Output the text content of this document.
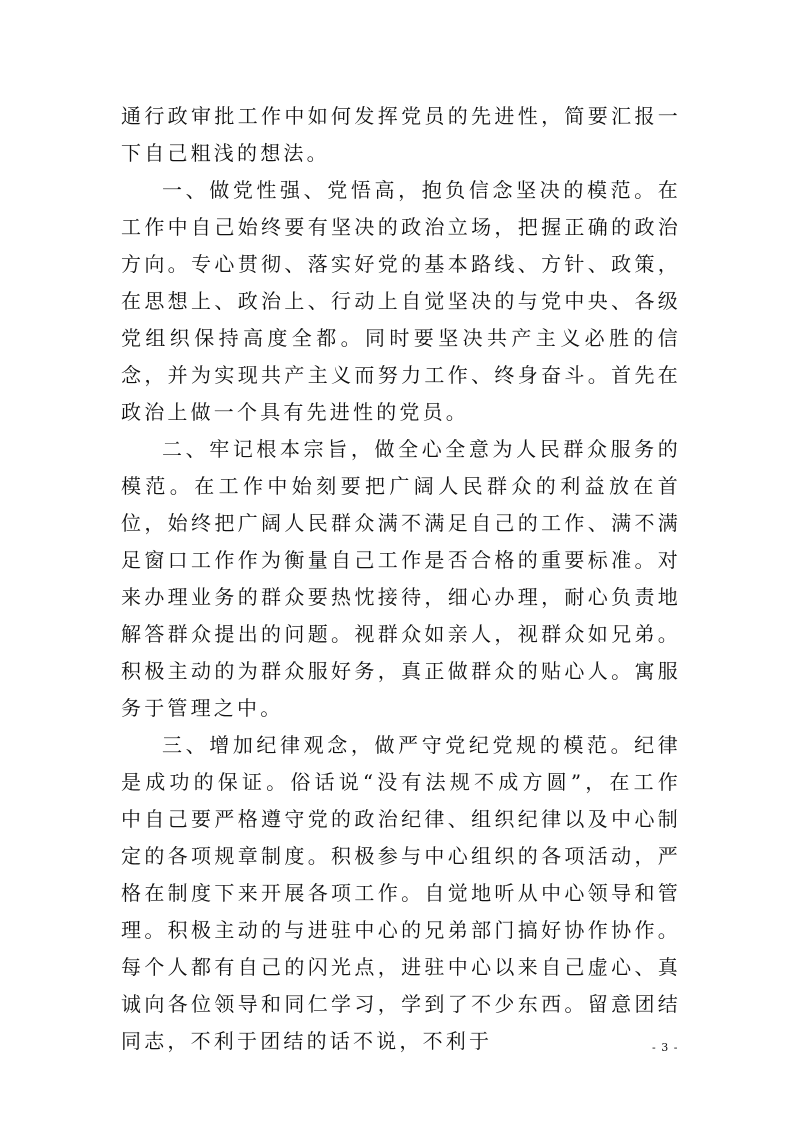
通行政审批工作中如何发挥党员的先进性，简要汇报一下自己粗浅的想法。

一、做党性强、党悟高，抱负信念坚决的模范。在工作中自己始终要有坚决的政治立场，把握正确的政治方向。专心贯彻、落实好党的基本路线、方针、政策，在思想上、政治上、行动上自觉坚决的与党中央、各级党组织保持高度全都。同时要坚决共产主义必胜的信念，并为实现共产主义而努力工作、终身奋斗。首先在政治上做一个具有先进性的党员。

二、牢记根本宗旨，做全心全意为人民群众服务的模范。在工作中始刻要把广阔人民群众的利益放在首位，始终把广阔人民群众满不满足自己的工作、满不满足窗口工作作为衡量自己工作是否合格的重要标准。对来办理业务的群众要热忱接待，细心办理，耐心负责地解答群众提出的问题。视群众如亲人，视群众如兄弟。积极主动的为群众服好务，真正做群众的贴心人。寓服务于管理之中。

三、增加纪律观念，做严守党纪党规的模范。纪律是成功的保证。俗话说“没有法规不成方圆”，在工作中自己要严格遵守党的政治纪律、组织纪律以及中心制定的各项规章制度。积极参与中心组织的各项活动，严格在制度下来开展各项工作。自觉地听从中心领导和管理。积极主动的与进驻中心的兄弟部门搞好协作协作。每个人都有自己的闪光点，进驻中心以来自己虚心、真诚向各位领导和同仁学习，学到了不少东西。留意团结同志，不利于团结的话不说，不利于	- 3 -
